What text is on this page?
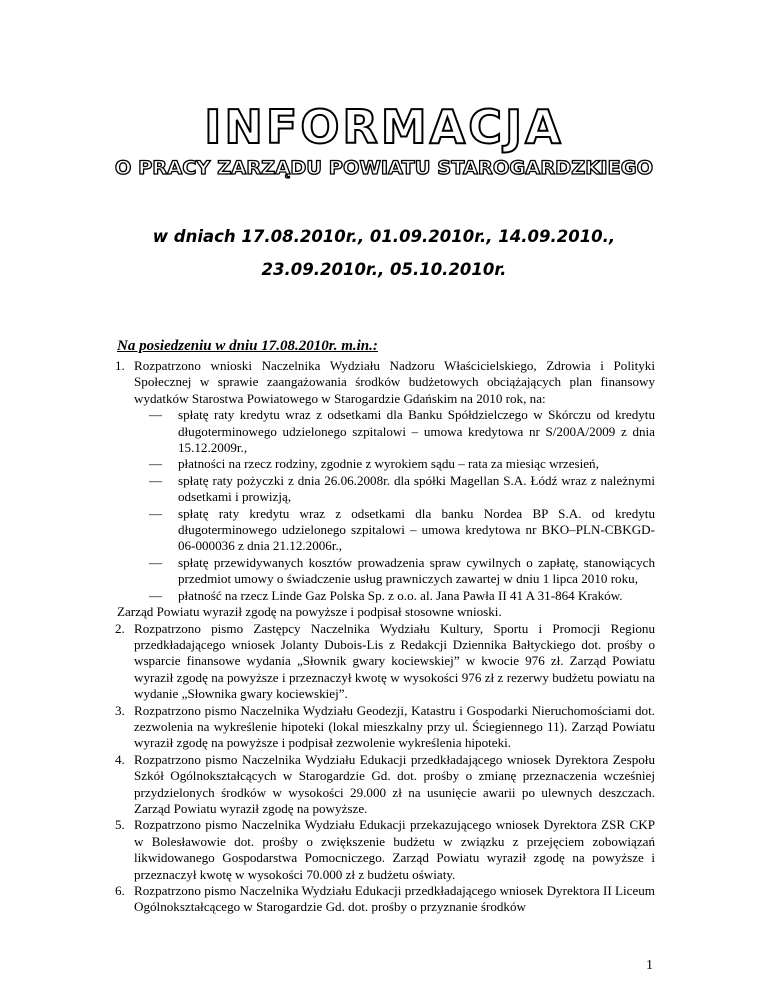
INFORMACJA
O PRACY ZARZĄDU POWIATU STAROGARDZKIEGO
w dniach 17.08.2010r., 01.09.2010r., 14.09.2010.,
23.09.2010r., 05.10.2010r.
Na posiedzeniu w dniu 17.08.2010r. m.in.:
1. Rozpatrzono wnioski Naczelnika Wydziału Nadzoru Właścicielskiego, Zdrowia i Polityki Społecznej w sprawie zaangażowania środków budżetowych obciążających plan finansowy wydatków Starostwa Powiatowego w Starogardzie Gdańskim na 2010 rok, na:
— spłatę raty kredytu wraz z odsetkami dla Banku Spółdzielczego w Skórczu od kredytu długoterminowego udzielonego szpitalowi – umowa kredytowa nr S/200A/2009 z dnia 15.12.2009r.,
— płatności na rzecz rodziny, zgodnie z wyrokiem sądu – rata za miesiąc wrzesień,
— spłatę raty pożyczki z dnia 26.06.2008r. dla spółki Magellan S.A. Łódź wraz z należnymi odsetkami i prowizją,
— spłatę raty kredytu wraz z odsetkami dla banku Nordea BP S.A. od kredytu długoterminowego udzielonego szpitalowi – umowa kredytowa nr BKO–PLN-CBKGD-06-000036 z dnia 21.12.2006r.,
— spłatę przewidywanych kosztów prowadzenia spraw cywilnych o zapłatę, stanowiących przedmiot umowy o świadczenie usług prawniczych zawartej w dniu 1 lipca 2010 roku,
— płatność na rzecz Linde Gaz Polska Sp. z o.o. al. Jana Pawła II 41 A 31-864 Kraków.
Zarząd Powiatu wyraził zgodę na powyższe i podpisał stosowne wnioski.
2. Rozpatrzono pismo Zastępcy Naczelnika Wydziału Kultury, Sportu i Promocji Regionu przedkładającego wniosek Jolanty Dubois-Lis z Redakcji Dziennika Bałtyckiego dot. prośby o wsparcie finansowe wydania „Słownik gwary kociewskiej” w kwocie 976 zł. Zarząd Powiatu wyraził zgodę na powyższe i przeznaczył kwotę w wysokości 976 zł z rezerwy budżetu powiatu na wydanie „Słownika gwary kociewskiej”.
3. Rozpatrzono pismo Naczelnika Wydziału Geodezji, Katastru i Gospodarki Nieruchomościami dot. zezwolenia na wykreślenie hipoteki (lokal mieszkalny przy ul. Ściegiennego 11). Zarząd Powiatu wyraził zgodę na powyższe i podpisał zezwolenie wykreślenia hipoteki.
4. Rozpatrzono pismo Naczelnika Wydziału Edukacji przedkładającego wniosek Dyrektora Zespołu Szkół Ogólnokształcących w Starogardzie Gd. dot. prośby o zmianę przeznaczenia wcześniej przydzielonych środków w wysokości 29.000 zł na usunięcie awarii po ulewnych deszczach. Zarząd Powiatu wyraził zgodę na powyższe.
5. Rozpatrzono pismo Naczelnika Wydziału Edukacji przekazującego wniosek Dyrektora ZSR CKP w Bolesławowie dot. prośby o zwiększenie budżetu w związku z przejęciem zobowiązań likwidowanego Gospodarstwa Pomocniczego. Zarząd Powiatu wyraził zgodę na powyższe i przeznaczył kwotę w wysokości 70.000 zł z budżetu oświaty.
6. Rozpatrzono pismo Naczelnika Wydziału Edukacji przedkładającego wniosek Dyrektora II Liceum Ogólnokształcącego w Starogardzie Gd. dot. prośby o przyznanie środków
1
